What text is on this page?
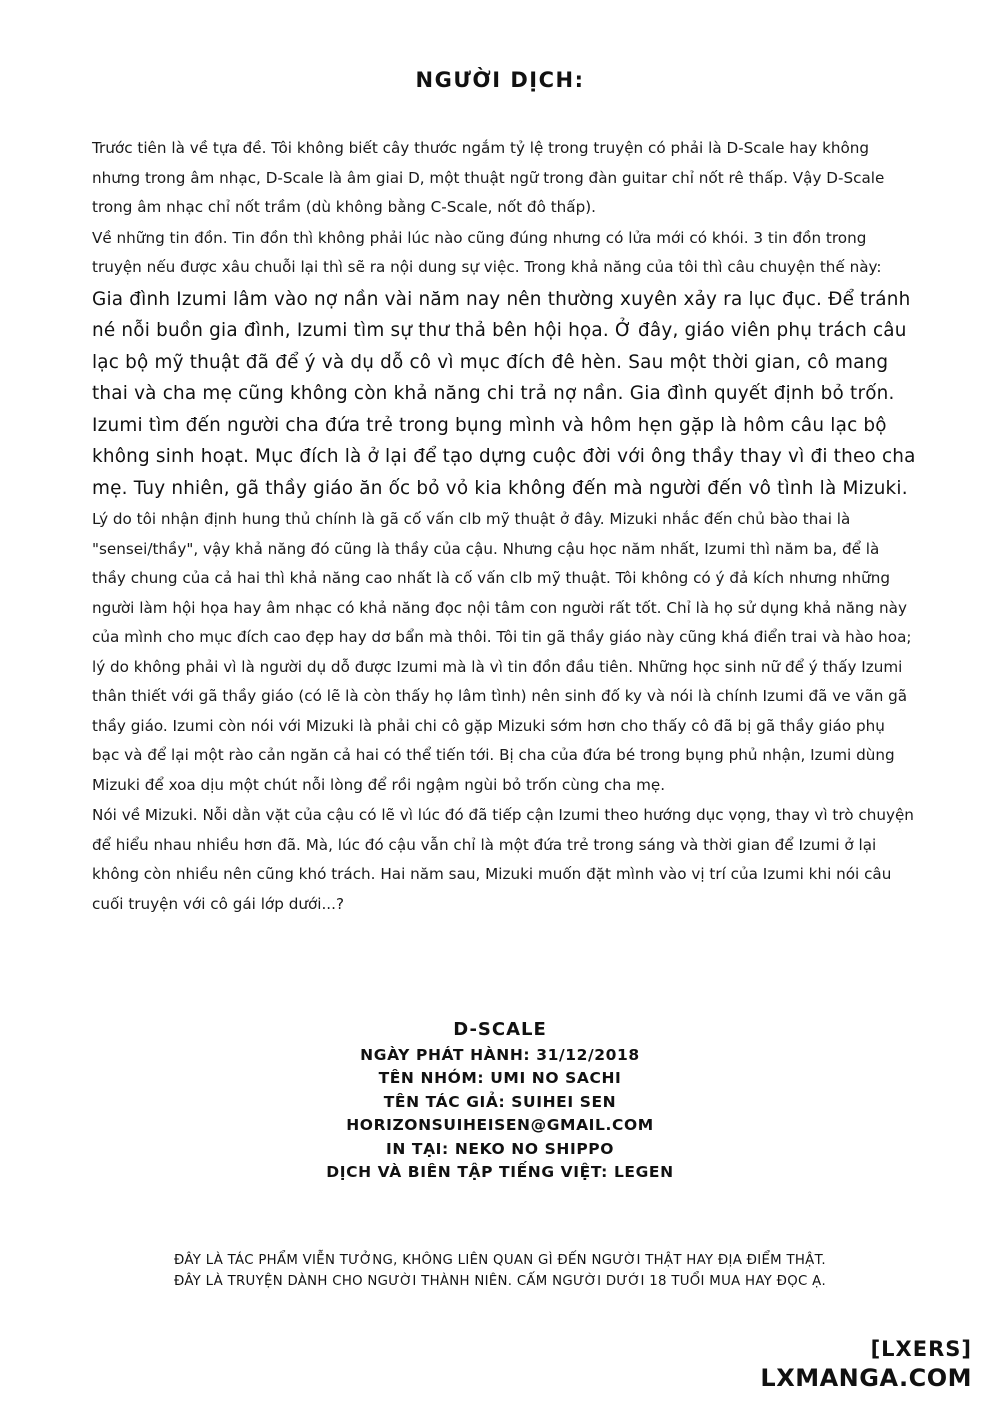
NGƯỜI DỊCH:

Trước tiên là về tựa đề. Tôi không biết cây thước ngắm tỷ lệ trong truyện có phải là D-Scale hay không nhưng trong âm nhạc, D-Scale là âm giai D, một thuật ngữ trong đàn guitar chỉ nốt rê thấp. Vậy D-Scale trong âm nhạc chỉ nốt trầm (dù không bằng C-Scale, nốt đô thấp).

Về những tin đồn. Tin đồn thì không phải lúc nào cũng đúng nhưng có lửa mới có khói. 3 tin đồn trong truyện nếu được xâu chuỗi lại thì sẽ ra nội dung sự việc. Trong khả năng của tôi thì câu chuyện thế này:

Gia đình Izumi lâm vào nợ nần vài năm nay nên thường xuyên xảy ra lục đục. Để tránh né nỗi buồn gia đình, Izumi tìm sự thư thả bên hội họa. Ở đây, giáo viên phụ trách câu lạc bộ mỹ thuật đã để ý và dụ dỗ cô vì mục đích đê hèn. Sau một thời gian, cô mang thai và cha mẹ cũng không còn khả năng chi trả nợ nần. Gia đình quyết định bỏ trốn. Izumi tìm đến người cha đứa trẻ trong bụng mình và hôm hẹn gặp là hôm câu lạc bộ không sinh hoạt. Mục đích là ở lại để tạo dựng cuộc đời với ông thầy thay vì đi theo cha mẹ. Tuy nhiên, gã thầy giáo ăn ốc bỏ vỏ kia không đến mà người đến vô tình là Mizuki.

Lý do tôi nhận định hung thủ chính là gã cố vấn clb mỹ thuật ở đây. Mizuki nhắc đến chủ bào thai là "sensei/thầy", vậy khả năng đó cũng là thầy của cậu. Nhưng cậu học năm nhất, Izumi thì năm ba, để là thầy chung của cả hai thì khả năng cao nhất là cố vấn clb mỹ thuật. Tôi không có ý đả kích nhưng những người làm hội họa hay âm nhạc có khả năng đọc nội tâm con người rất tốt. Chỉ là họ sử dụng khả năng này của mình cho mục đích cao đẹp hay dơ bẩn mà thôi. Tôi tin gã thầy giáo này cũng khá điển trai và hào hoa; lý do không phải vì là người dụ dỗ được Izumi mà là vì tin đồn đầu tiên. Những học sinh nữ để ý thấy Izumi thân thiết với gã thầy giáo (có lẽ là còn thấy họ lâm tình) nên sinh đố ky và nói là chính Izumi đã ve vãn gã thầy giáo. Izumi còn nói với Mizuki là phải chi cô gặp Mizuki sớm hơn cho thấy cô đã bị gã thầy giáo phụ bạc và để lại một rào cản ngăn cả hai có thể tiến tới. Bị cha của đứa bé trong bụng phủ nhận, Izumi dùng Mizuki để xoa dịu một chút nỗi lòng để rồi ngậm ngùi bỏ trốn cùng cha mẹ.

Nói về Mizuki. Nỗi dằn vặt của cậu có lẽ vì lúc đó đã tiếp cận Izumi theo hướng dục vọng, thay vì trò chuyện để hiểu nhau nhiều hơn đã. Mà, lúc đó cậu vẫn chỉ là một đứa trẻ trong sáng và thời gian để Izumi ở lại không còn nhiều nên cũng khó trách. Hai năm sau, Mizuki muốn đặt mình vào vị trí của Izumi khi nói câu cuối truyện với cô gái lớp dưới...?

D-SCALE
NGÀY PHÁT HÀNH: 31/12/2018
TÊN NHÓM: UMI NO SACHI
TÊN TÁC GIẢ: SUIHEI SEN
HORIZONSUIHEISEN@GMAIL.COM
IN TẠI: NEKO NO SHIPPO
DỊCH VÀ BIÊN TẬP TIẾNG VIỆT: LEGEN
ĐÂY LÀ TÁC PHẨM VIỄN TƯỞNG, KHÔNG LIÊN QUAN GÌ ĐẾN NGƯỜI THẬT HAY ĐỊA ĐIỂM THẬT.
ĐÂY LÀ TRUYỆN DÀNH CHO NGƯỜI THÀNH NIÊN. CẤM NGƯỜI DƯỚI 18 TUỔI MUA HAY ĐỌC Ạ.
[LXERS]
LXMANGA.COM
